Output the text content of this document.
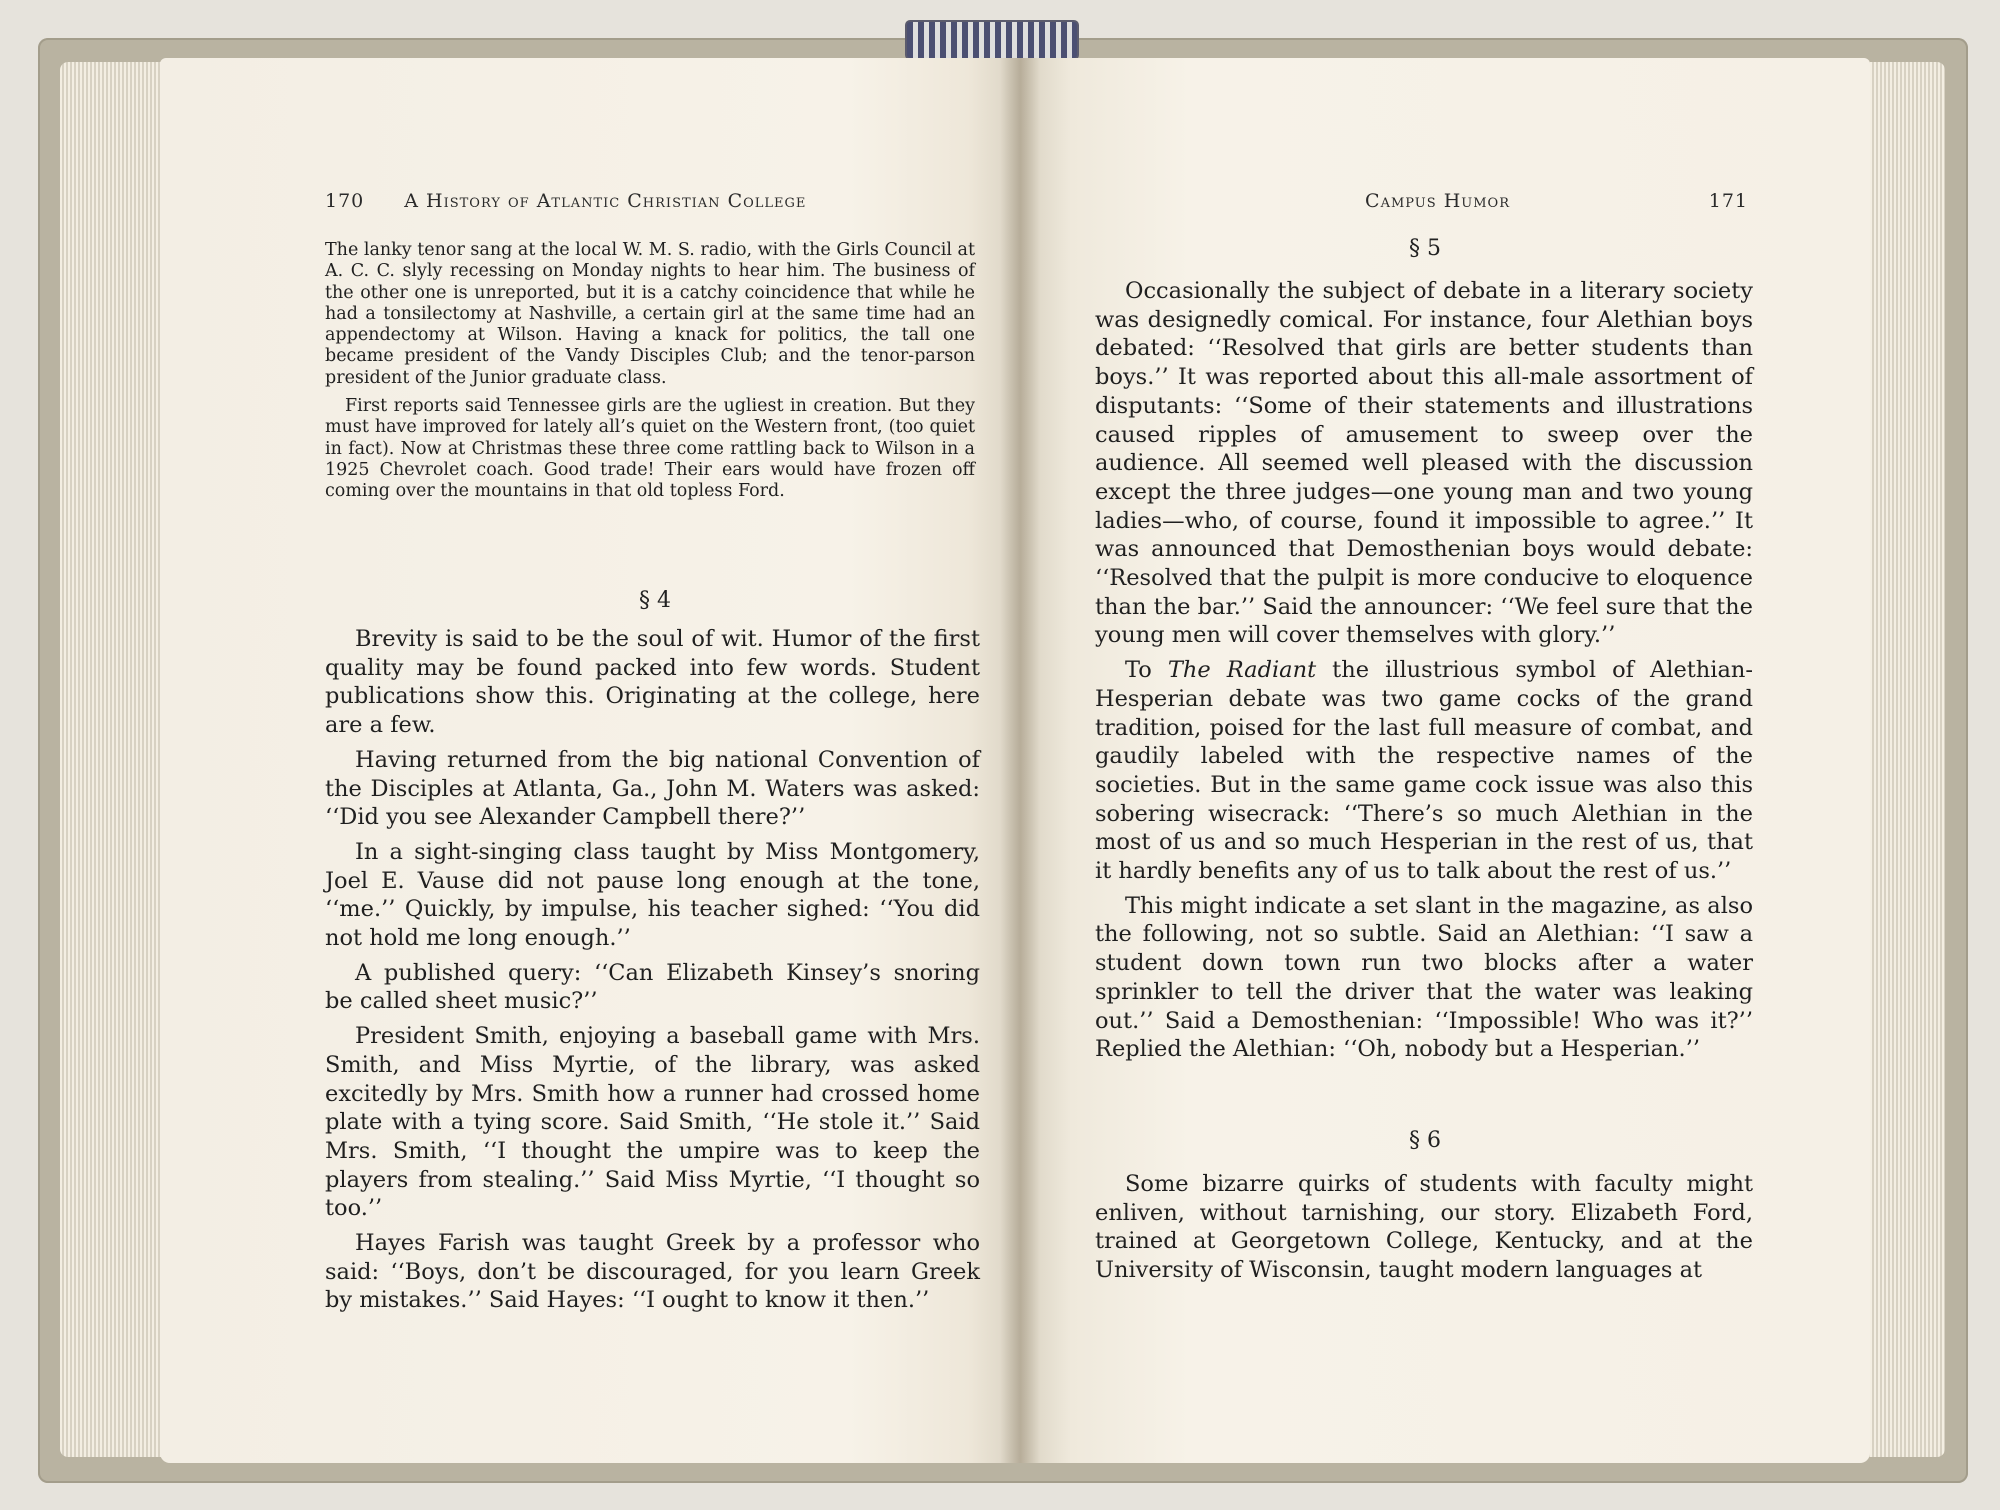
170 A History of Atlantic Christian College

The lanky tenor sang at the local W. M. S. radio, with the Girls Council at A. C. C. slyly recessing on Monday nights to hear him. The business of the other one is unreported, but it is a catchy coincidence that while he had a tonsilectomy at Nashville, a certain girl at the same time had an appendectomy at Wilson. Having a knack for politics, the tall one became president of the Vandy Disciples Club; and the tenor-parson president of the Junior graduate class.

First reports said Tennessee girls are the ugliest in creation. But they must have improved for lately all’s quiet on the Western front, (too quiet in fact). Now at Christmas these three come rattling back to Wilson in a 1925 Chevrolet coach. Good trade! Their ears would have frozen off coming over the mountains in that old topless Ford.

§ 4

Brevity is said to be the soul of wit. Humor of the first quality may be found packed into few words. Student publications show this. Originating at the college, here are a few.

Having returned from the big national Convention of the Disciples at Atlanta, Ga., John M. Waters was asked: ‘‘Did you see Alexander Campbell there?’’

In a sight-singing class taught by Miss Montgomery, Joel E. Vause did not pause long enough at the tone, ‘‘me.’’ Quickly, by impulse, his teacher sighed: ‘‘You did not hold me long enough.’’

A published query: ‘‘Can Elizabeth Kinsey’s snoring be called sheet music?’’

President Smith, enjoying a baseball game with Mrs. Smith, and Miss Myrtie, of the library, was asked excitedly by Mrs. Smith how a runner had crossed home plate with a tying score. Said Smith, ‘‘He stole it.’’ Said Mrs. Smith, ‘‘I thought the umpire was to keep the players from stealing.’’ Said Miss Myrtie, ‘‘I thought so too.’’

Hayes Farish was taught Greek by a professor who said: ‘‘Boys, don’t be discouraged, for you learn Greek by mistakes.’’ Said Hayes: ‘‘I ought to know it then.’’

Campus Humor	171
§ 5

Occasionally the subject of debate in a literary society was designedly comical. For instance, four Alethian boys debated: ‘‘Resolved that girls are better students than boys.’’ It was reported about this all-male assortment of disputants: ‘‘Some of their statements and illustrations caused ripples of amusement to sweep over the audience. All seemed well pleased with the discussion except the three judges—one young man and two young ladies—who, of course, found it impossible to agree.’’ It was announced that Demosthenian boys would debate: ‘‘Resolved that the pulpit is more conducive to eloquence than the bar.’’ Said the announcer: ‘‘We feel sure that the young men will cover themselves with glory.’’

To The Radiant the illustrious symbol of Alethian-Hesperian debate was two game cocks of the grand tradition, poised for the last full measure of combat, and gaudily labeled with the respective names of the societies. But in the same game cock issue was also this sobering wisecrack: ‘‘There’s so much Alethian in the most of us and so much Hesperian in the rest of us, that it hardly benefits any of us to talk about the rest of us.’’

This might indicate a set slant in the magazine, as also the following, not so subtle. Said an Alethian: ‘‘I saw a student down town run two blocks after a water sprinkler to tell the driver that the water was leaking out.’’ Said a Demosthenian: ‘‘Impossible! Who was it?’’ Replied the Alethian: ‘‘Oh, nobody but a Hesperian.’’

§ 6

Some bizarre quirks of students with faculty might enliven, without tarnishing, our story. Elizabeth Ford, trained at Georgetown College, Kentucky, and at the University of Wisconsin, taught modern languages at
